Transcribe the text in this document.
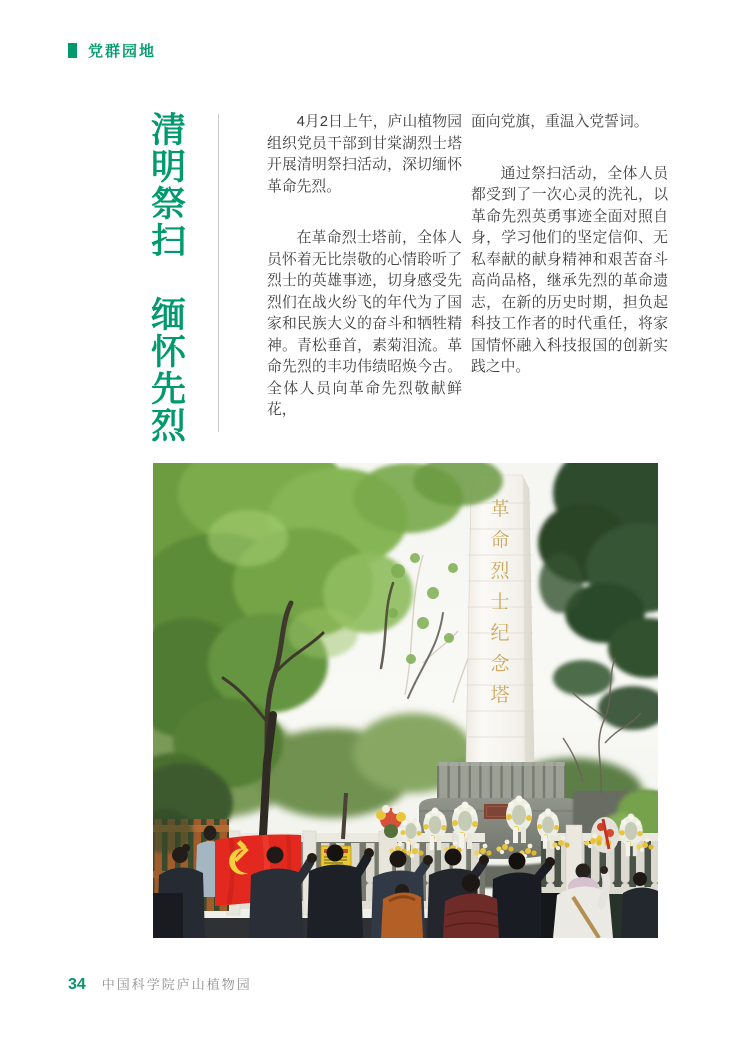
党群园地
清明祭扫　缅怀先烈	4月2日上午，庐山植物园组织党员干部到甘棠湖烈士塔开展清明祭扫活动，深切缅怀革命先烈。

在革命烈士塔前，全体人员怀着无比崇敬的心情聆听了烈士的英雄事迹，切身感受先烈们在战火纷飞的年代为了国家和民族大义的奋斗和牺牲精神。青松垂首，素菊泪流。革命先烈的丰功伟绩昭焕今古。全体人员向革命先烈敬献鲜花，

面向党旗，重温入党誓词。

通过祭扫活动，全体人员都受到了一次心灵的洗礼，以革命先烈英勇事迹全面对照自身，学习他们的坚定信仰、无私奉献的献身精神和艰苦奋斗高尚品格，继承先烈的革命遗志，在新的历史时期，担负起科技工作者的时代重任，将家国情怀融入科技报国的创新实践之中。

革
命
烈
士
纪
念
塔
34 中国科学院庐山植物园
